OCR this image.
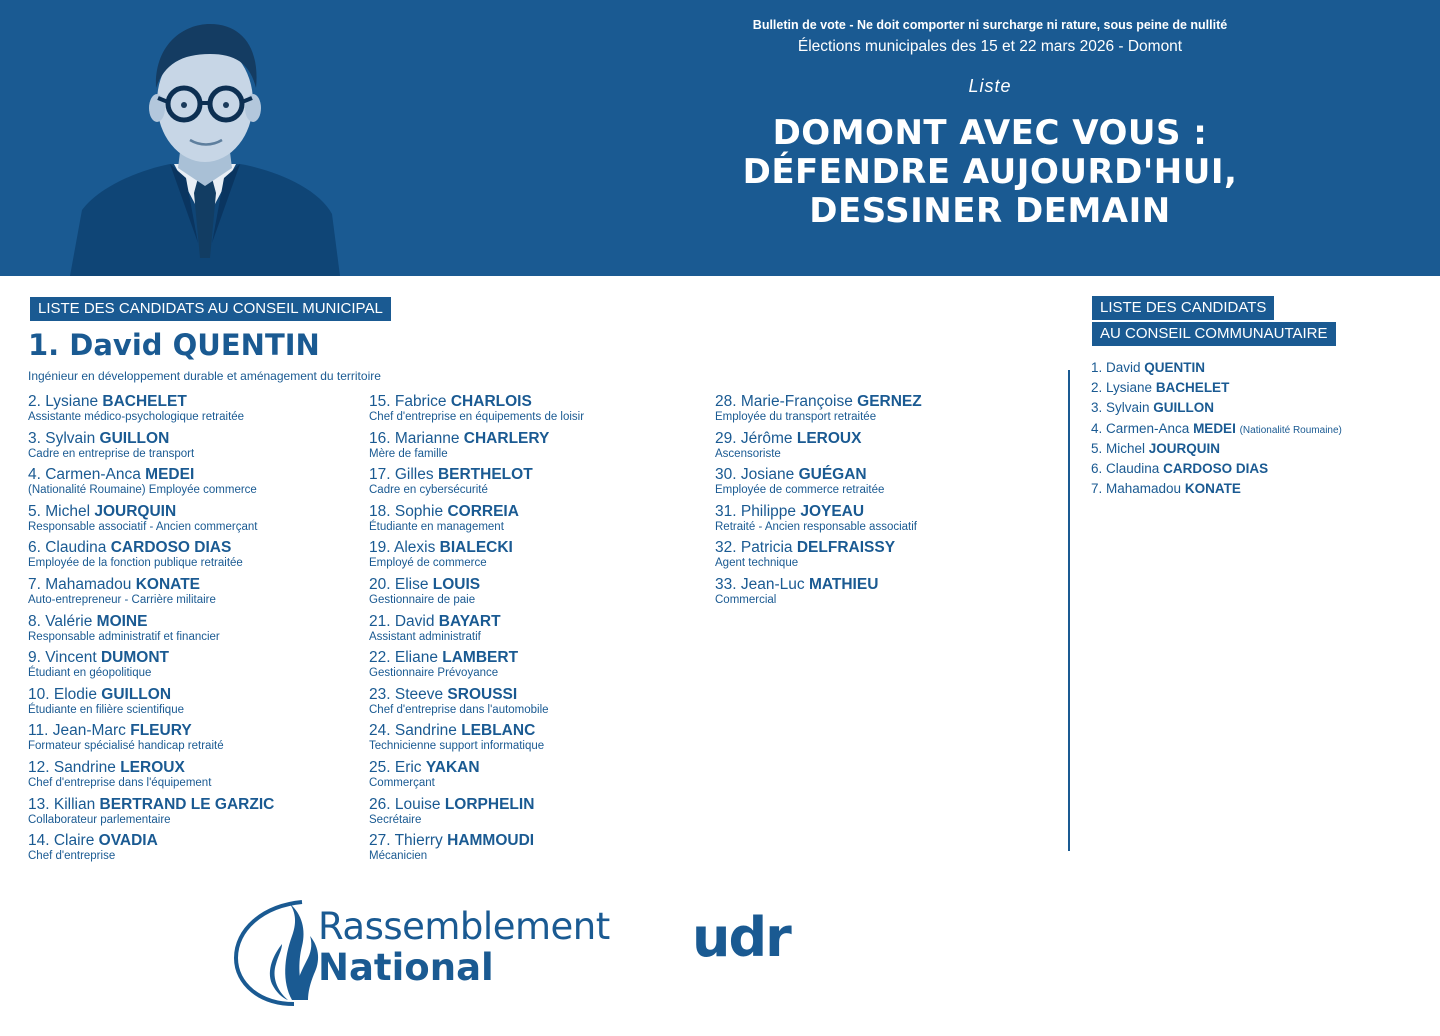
Bulletin de vote - Ne doit comporter ni surcharge ni rature, sous peine de nullité
Élections municipales des 15 et 22 mars 2026 - Domont
Liste
DOMONT AVEC VOUS :
DÉFENDRE AUJOURD'HUI,
DESSINER DEMAIN
LISTE DES CANDIDATS AU CONSEIL MUNICIPAL
1. David QUENTIN
Ingénieur en développement durable et aménagement du territoire
2. Lysiane BACHELET
Assistante médico-psychologique retraitée
3. Sylvain GUILLON
Cadre en entreprise de transport
4. Carmen-Anca MEDEI
(Nationalité Roumaine) Employée commerce
5. Michel JOURQUIN
Responsable associatif - Ancien commerçant
6. Claudina CARDOSO DIAS
Employée de la fonction publique retraitée
7. Mahamadou KONATE
Auto-entrepreneur - Carrière militaire
8. Valérie MOINE
Responsable administratif et financier
9. Vincent DUMONT
Étudiant en géopolitique
10. Elodie GUILLON
Étudiante en filière scientifique
11. Jean-Marc FLEURY
Formateur spécialisé handicap retraité
12. Sandrine LEROUX
Chef d'entreprise dans l'équipement
13. Killian BERTRAND LE GARZIC
Collaborateur parlementaire
14. Claire OVADIA
Chef d'entreprise
15. Fabrice CHARLOIS
Chef d'entreprise en équipements de loisir
16. Marianne CHARLERY
Mère de famille
17. Gilles BERTHELOT
Cadre en cybersécurité
18. Sophie CORREIA
Étudiante en management
19. Alexis BIALECKI
Employé de commerce
20. Elise LOUIS
Gestionnaire de paie
21. David BAYART
Assistant administratif
22. Eliane LAMBERT
Gestionnaire Prévoyance
23. Steeve SROUSSI
Chef d'entreprise dans l'automobile
24. Sandrine LEBLANC
Technicienne support informatique
25. Eric YAKAN
Commerçant
26. Louise LORPHELIN
Secrétaire
27. Thierry HAMMOUDI
Mécanicien
28. Marie-Françoise GERNEZ
Employée du transport retraitée
29. Jérôme LEROUX
Ascensoriste
30. Josiane GUÉGAN
Employée de commerce retraitée
31. Philippe JOYEAU
Retraité - Ancien responsable associatif
32. Patricia DELFRAISSY
Agent technique
33. Jean-Luc MATHIEU
Commercial
LISTE DES CANDIDATS
AU CONSEIL COMMUNAUTAIRE
1. David QUENTIN
2. Lysiane BACHELET
3. Sylvain GUILLON
4. Carmen-Anca MEDEI (Nationalité Roumaine)
5. Michel JOURQUIN
6. Claudina CARDOSO DIAS
7. Mahamadou KONATE
Rassemblement
National	udr
